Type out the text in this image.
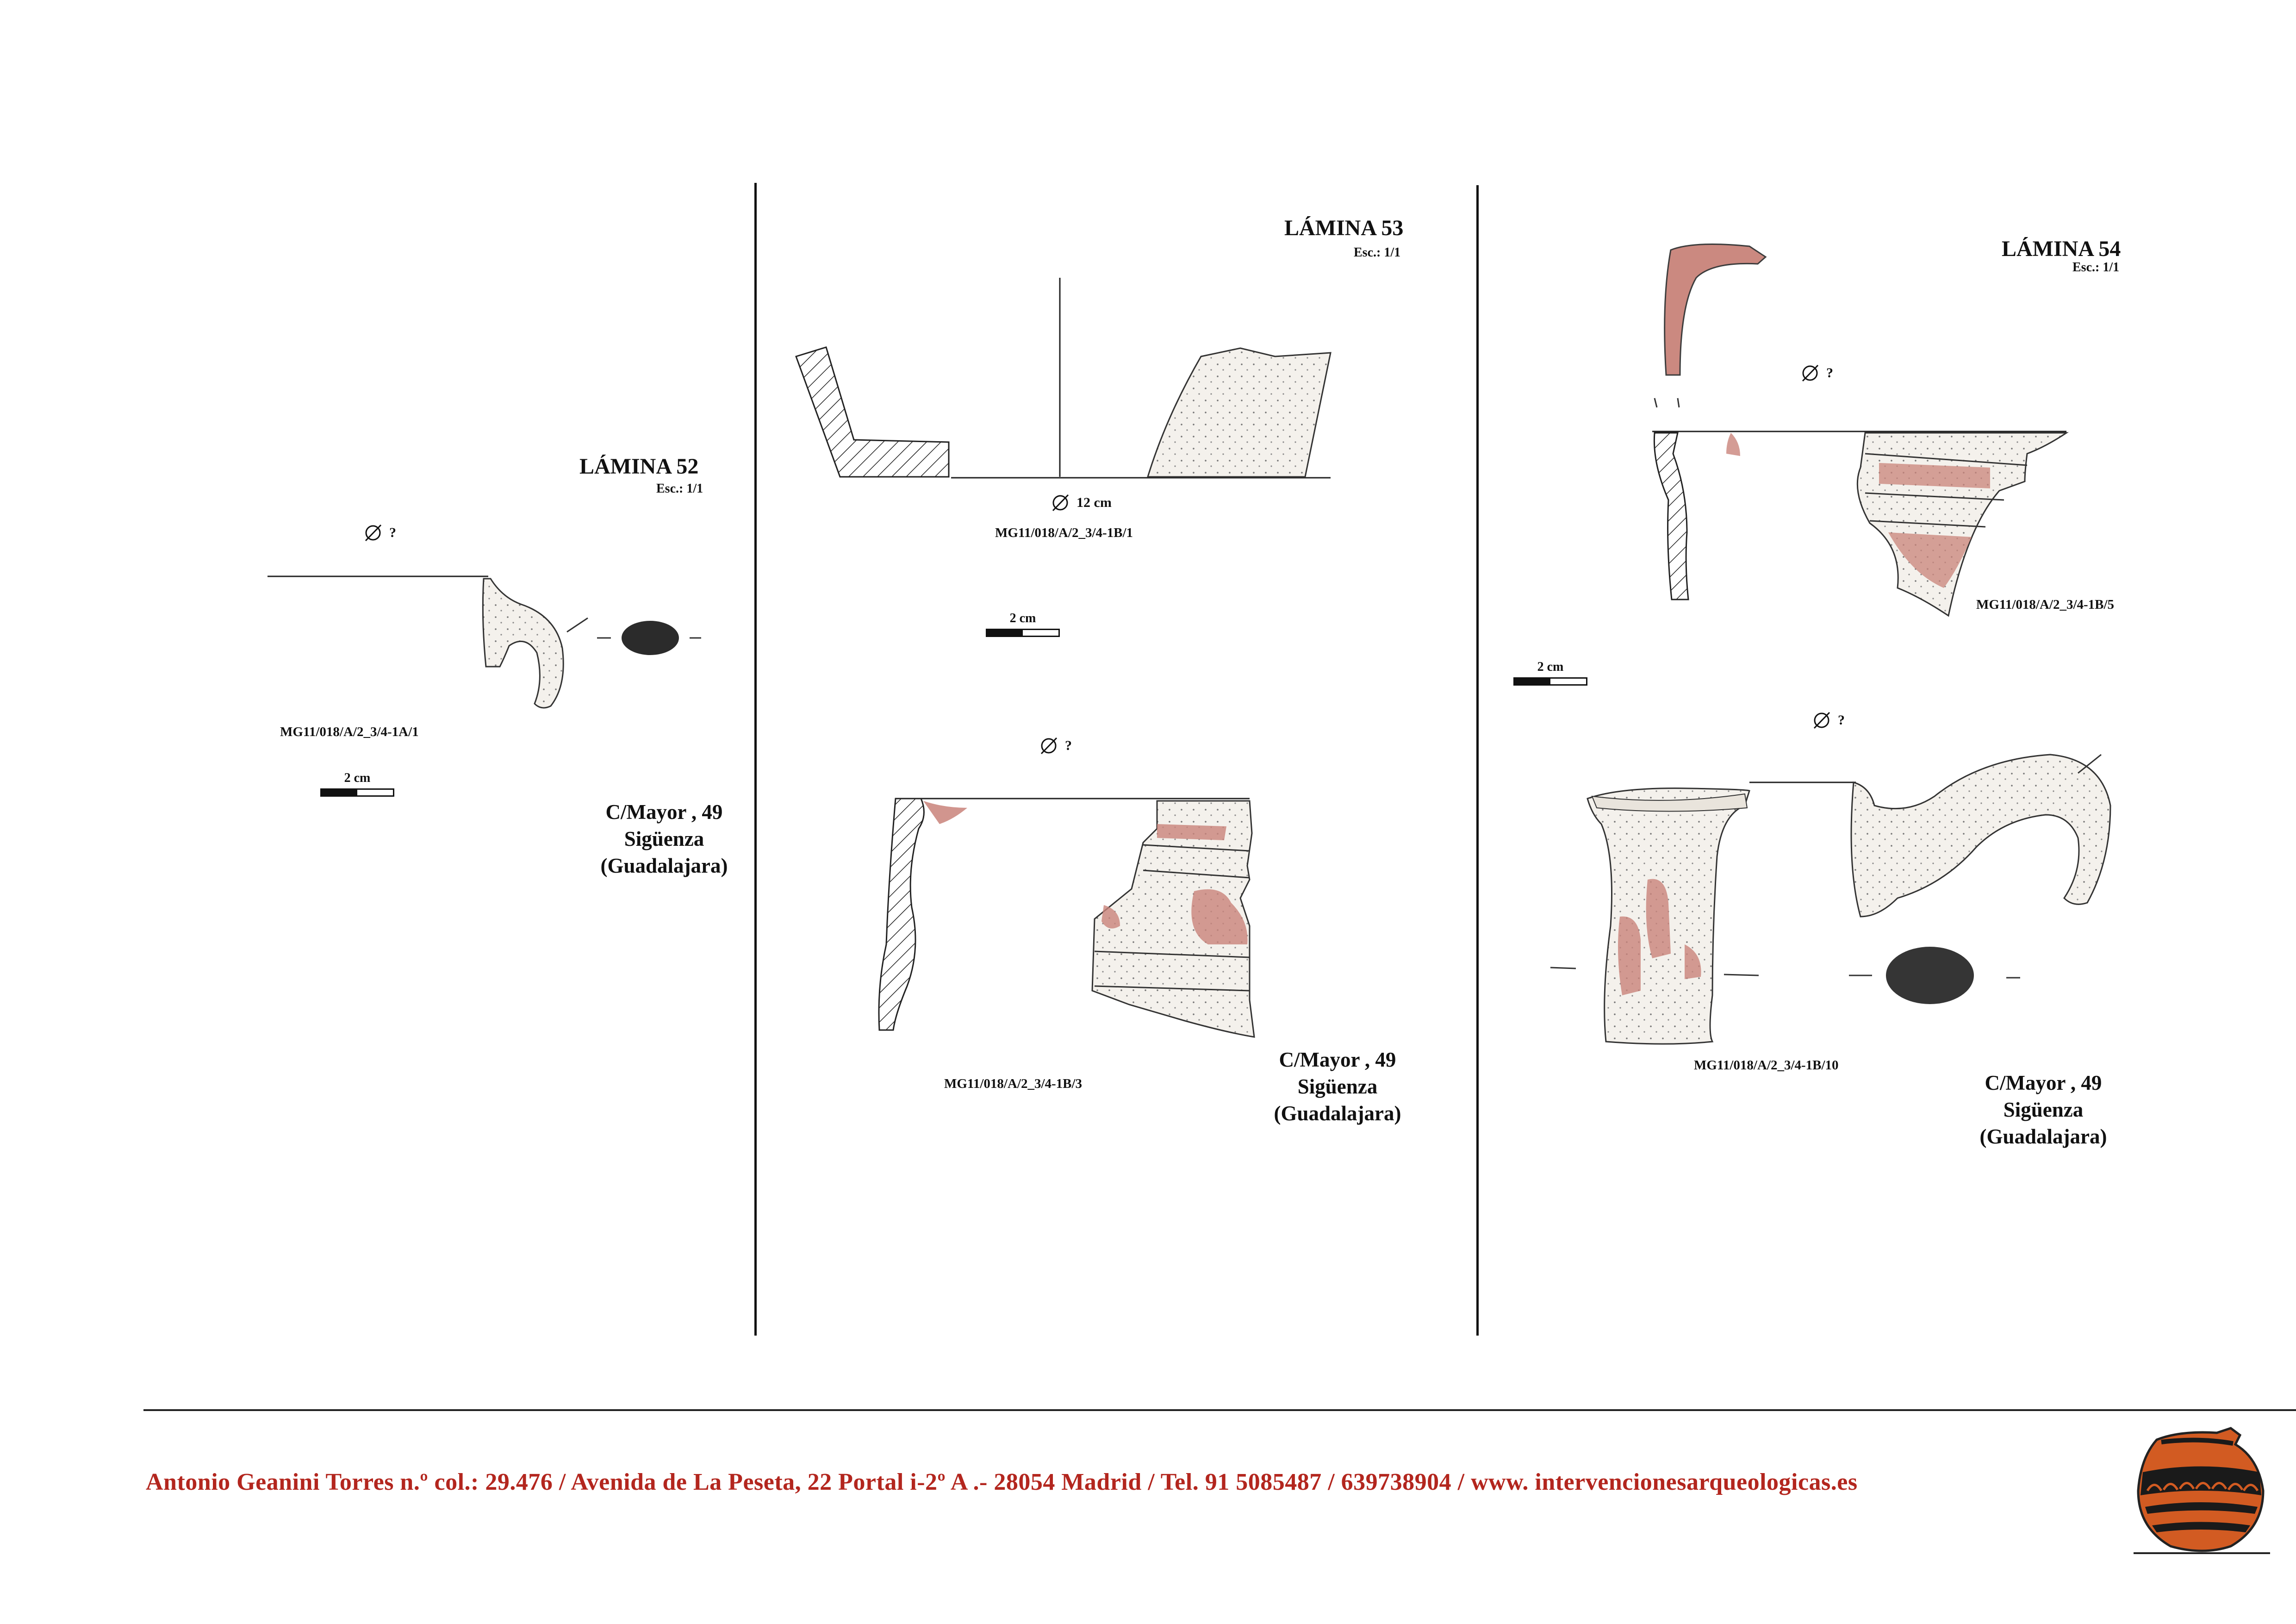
LÁMINA 52
Esc.: 1/1
?
MG11/018/A/2_3/4-1A/1
2 cm
C/Mayor , 49
Sigüenza
(Guadalajara)
LÁMINA 53
Esc.: 1/1
12 cm
MG11/018/A/2_3/4-1B/1
2 cm
?
MG11/018/A/2_3/4-1B/3
C/Mayor , 49
Sigüenza
(Guadalajara)
LÁMINA 54
Esc.: 1/1
?
MG11/018/A/2_3/4-1B/5
2 cm
?
MG11/018/A/2_3/4-1B/10
C/Mayor , 49
Sigüenza
(Guadalajara)
Antonio Geanini Torres n.º col.: 29.476 / Avenida de La Peseta, 22 Portal i-2º A .- 28054 Madrid / Tel. 91 5085487 / 639738904 / www. intervencionesarqueologicas.es
